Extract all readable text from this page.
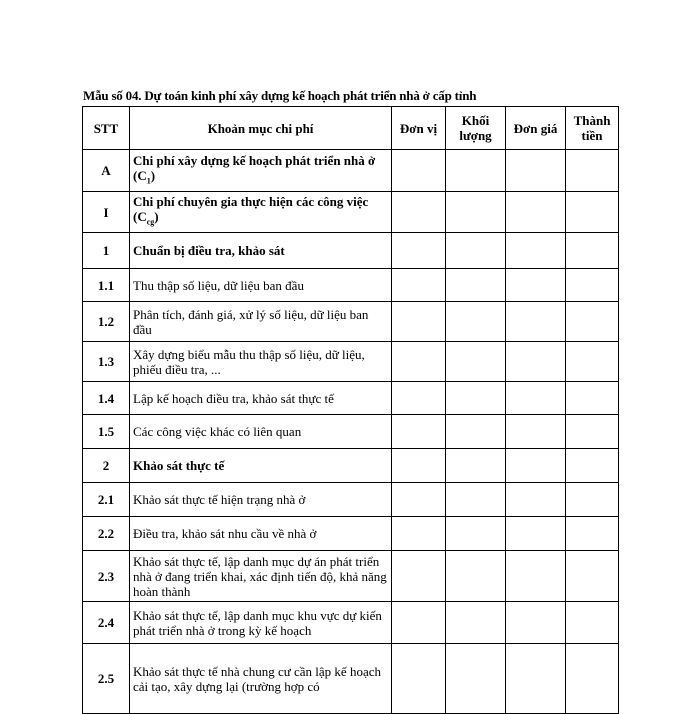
Mẫu số 04. Dự toán kinh phí xây dựng kế hoạch phát triển nhà ở cấp tỉnh
STT	Khoản mục chi phí	Đơn vị	Khối lượng	Đơn giá	Thành tiền
A	Chi phí xây dựng kế hoạch phát triển nhà ở $(C_1)$				
I	Chi phí chuyên gia thực hiện các công việc $(C_{cg})$				
1	Chuẩn bị điều tra, khảo sát				
1.1	Thu thập số liệu, dữ liệu ban đầu				
1.2	Phân tích, đánh giá, xử lý số liệu, dữ liệu ban đầu				
1.3	Xây dựng biểu mẫu thu thập số liệu, dữ liệu, phiếu điều tra, ...				
1.4	Lập kế hoạch điều tra, khảo sát thực tế				
1.5	Các công việc khác có liên quan				
2	Khảo sát thực tế				
2.1	Khảo sát thực tế hiện trạng nhà ở				
2.2	Điều tra, khảo sát nhu cầu về nhà ở				
2.3	Khảo sát thực tế, lập danh mục dự án phát triển nhà ở đang triển khai, xác định tiến độ, khả năng hoàn thành				
2.4	Khảo sát thực tế, lập danh mục khu vực dự kiến phát triển nhà ở trong kỳ kế hoạch				
2.5	Khảo sát thực tế nhà chung cư cần lập kế hoạch cải tạo, xây dựng lại (trường hợp có				
